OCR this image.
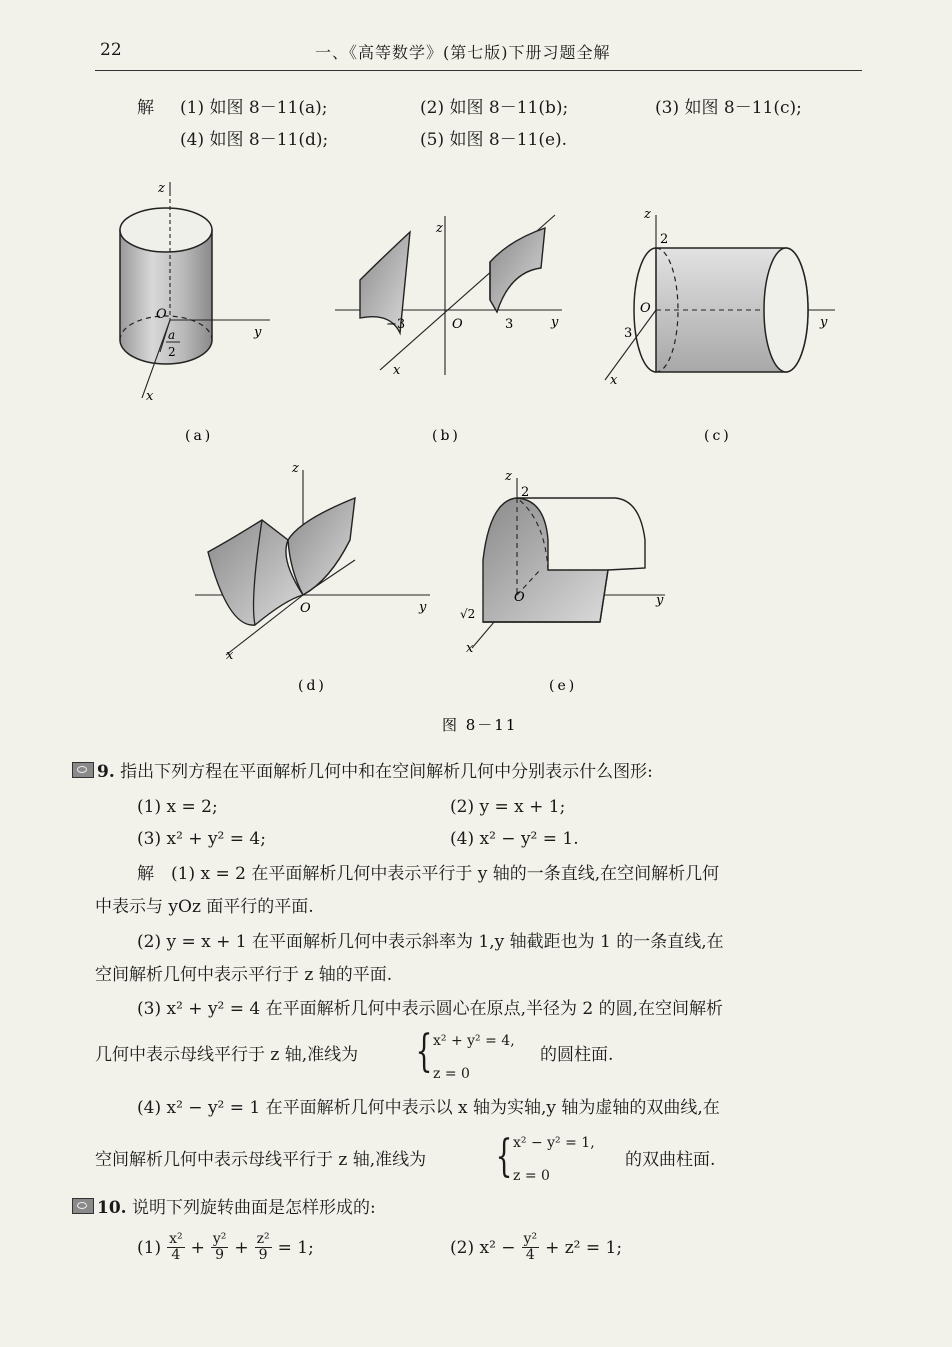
22	一、《高等数学》(第七版)下册习题全解
解 (1) 如图 8－11(a);	(2) 如图 8－11(b);	(3) 如图 8－11(c);
(4) 如图 8－11(d);	(5) 如图 8－11(e).
z
O
y
x
a
2
(a)
z
y
x
O
−3	3
(b)
z
2
O
3
y
x
(c)
z
O	y
x
(d)
z
2
O	y
√2
x
(e)
图 8－11
9. 指出下列方程在平面解析几何中和在空间解析几何中分别表示什么图形:
(1) x = 2;	(2) y = x + 1;
(3) x² + y² = 4;	(4) x² − y² = 1.
解　(1) x = 2 在平面解析几何中表示平行于 y 轴的一条直线,在空间解析几何
中表示与 yOz 面平行的平面.
(2) y = x + 1 在平面解析几何中表示斜率为 1,y 轴截距也为 1 的一条直线,在
空间解析几何中表示平行于 z 轴的平面.
(3) x² + y² = 4 在平面解析几何中表示圆心在原点,半径为 2 的圆,在空间解析
几何中表示母线平行于 z 轴,准线为 { x² + y² = 4,
z = 0
的圆柱面.
(4) x² − y² = 1 在平面解析几何中表示以 x 轴为实轴,y 轴为虚轴的双曲线,在
空间解析几何中表示母线平行于 z 轴,准线为 { x² − y² = 1,
z = 0
的双曲柱面.
10. 说明下列旋转曲面是怎样形成的:
$(1) \frac{\text{x²}}{4} + \frac{\text{y²}}{9} + \frac{\text{z²}}{9} = 1$;	(2) $x^2 - \frac{\text{y²}}{4} + z^2 = 1$;
